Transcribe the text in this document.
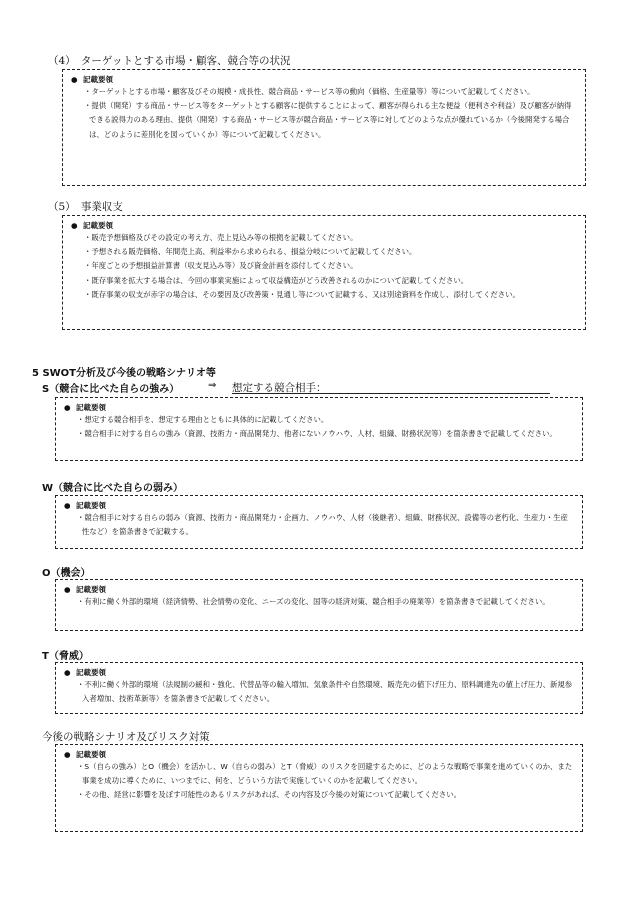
（4）　ターゲットとする市場・顧客、競合等の状況
● 記載要領
・ターゲットとする市場・顧客及びその規模・成長性、競合商品・サービス等の動向（価格、生産量等）等について記載してください。
・提供（開発）する商品・サービス等をターゲットとする顧客に提供することによって、顧客が得られる主な便益（便利さや利益）及び顧客が納得できる説得力のある理由、提供（開発）する商品・サービス等が競合商品・サービス等に対してどのような点が優れているか（今後開発する場合は、どのように差別化を図っていくか）等について記載してください。
（5）　事業収支
● 記載要領
・販売予想価格及びその設定の考え方、売上見込み等の根拠を記載してください。
・予想される販売価格、年間売上高、利益率から求められる、損益分岐について記載してください。
・年度ごとの予想損益計算書（収支見込み等）及び資金計画を添付してください。
・既存事業を拡大する場合は、今回の事業実施によって収益構造がどう改善されるのかについて記載してください。
・既存事業の収支が赤字の場合は、その要因及び改善策・見通し等について記載する、又は別途資料を作成し、添付してください。
5 SWOT分析及び今後の戦略シナリオ等
S（競合に比べた自らの強み）	⇒ 想定する競合相手：
● 記載要領
・想定する競合相手を、想定する理由とともに具体的に記載してください。
・競合相手に対する自らの強み（資源、技術力・商品開発力、他者にないノウハウ、人材、組織、財務状況等）を箇条書きで記載してください。
W（競合に比べた自らの弱み）
● 記載要領
・競合相手に対する自らの弱み（資源、技術力・商品開発力・企画力、ノウハウ、人材（後継者）、組織、財務状況、設備等の老朽化、生産力・生産性など）を箇条書きで記載する。
O（機会）
● 記載要領
・有利に働く外部的環境（経済情勢、社会情勢の変化、ニーズの変化、国等の経済対策、競合相手の廃業等）を箇条書きで記載してください。
T（脅威）
● 記載要領
・不利に働く外部的環境（法規制の緩和・強化、代替品等の輸入増加、気象条件や自然環境、販売先の値下げ圧力、原料調達先の値上げ圧力、新規参入者増加、技術革新等）を箇条書きで記載してください。
今後の戦略シナリオ及びリスク対策
● 記載要領
・S（自らの強み）とO（機会）を活かし、W（自らの弱み）とT（脅威）のリスクを回避するために、どのような戦略で事業を進めていくのか、また事業を成功に導くために、いつまでに、何を、どういう方法で実施していくのかを記載してください。
・その他、経営に影響を及ぼす可能性のあるリスクがあれば、その内容及び今後の対策について記載してください。
